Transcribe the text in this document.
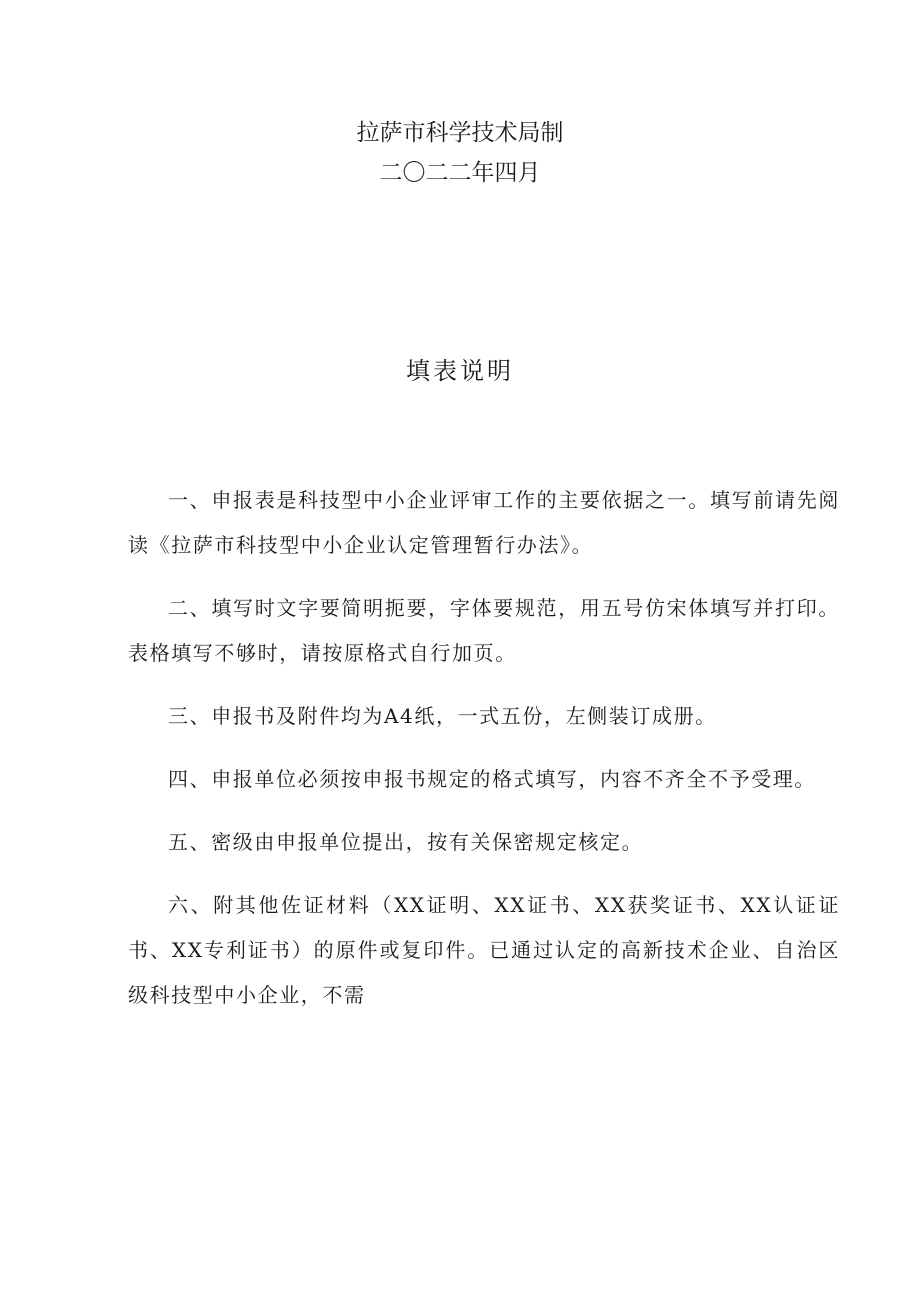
拉萨市科学技术局制
二〇二二年四月
填表说明

一、申报表是科技型中小企业评审工作的主要依据之一。填写前请先阅读《拉萨市科技型中小企业认定管理暂行办法》。

二、填写时文字要简明扼要，字体要规范，用五号仿宋体填写并打印。表格填写不够时，请按原格式自行加页。

三、申报书及附件均为A4纸，一式五份，左侧装订成册。

四、申报单位必须按申报书规定的格式填写，内容不齐全不予受理。

五、密级由申报单位提出，按有关保密规定核定。

六、附其他佐证材料（XX证明、XX证书、XX获奖证书、XX认证证书、XX专利证书）的原件或复印件。已通过认定的高新技术企业、自治区级科技型中小企业，不需
